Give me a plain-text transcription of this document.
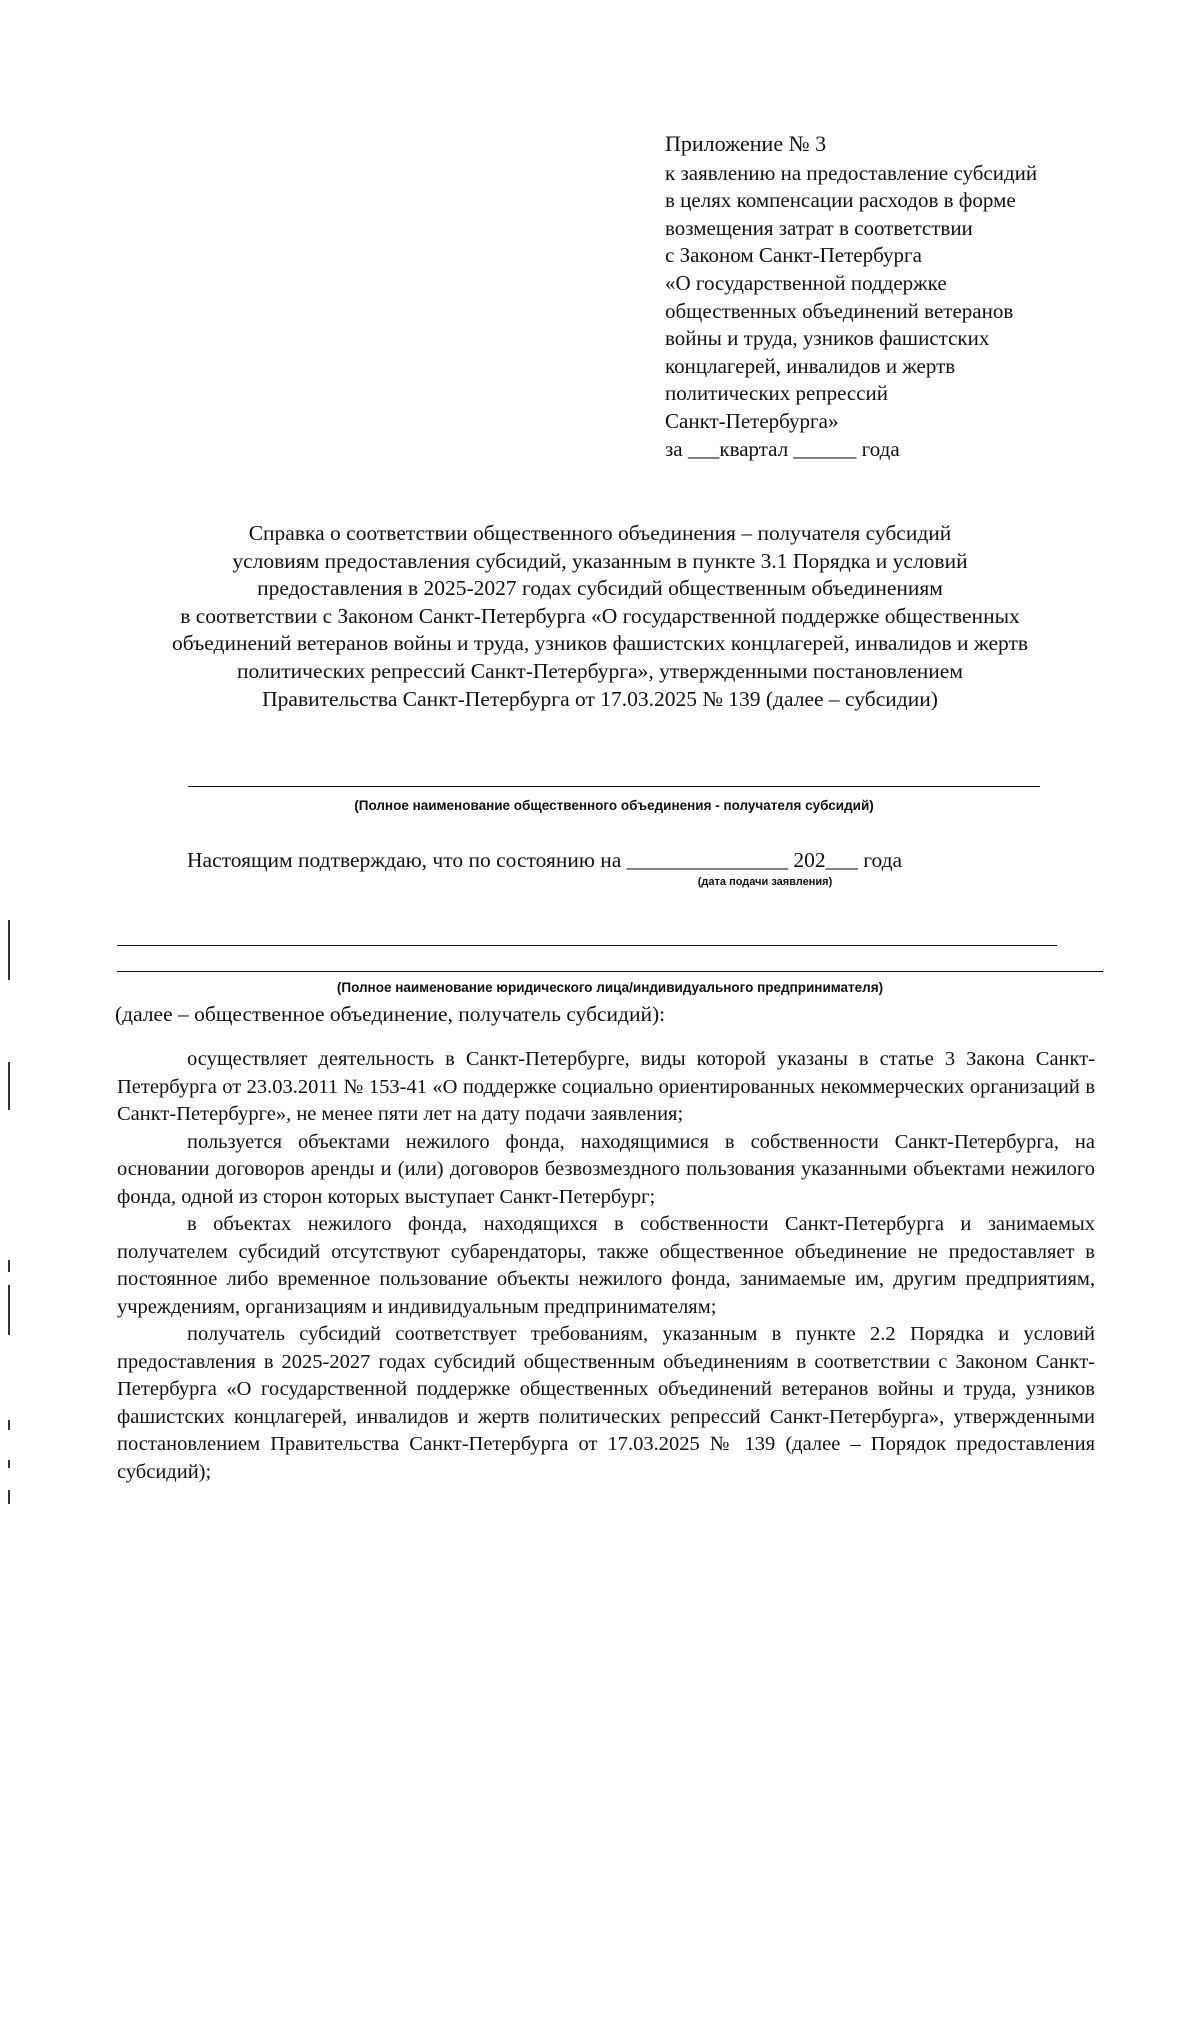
Приложение № 3
к заявлению на предоставление субсидий
в целях компенсации расходов в форме
возмещения затрат в соответствии
с Законом Санкт-Петербурга
«О государственной поддержке
общественных объединений ветеранов
войны и труда, узников фашистских
концлагерей, инвалидов и жертв
политических репрессий
Санкт-Петербурга»
за ___квартал ______ года
Справка о соответствии общественного объединения – получателя субсидий
условиям предоставления субсидий, указанным в пункте 3.1 Порядка и условий
предоставления в 2025-2027 годах субсидий общественным объединениям
в соответствии с Законом Санкт-Петербурга «О государственной поддержке общественных
объединений ветеранов войны и труда, узников фашистских концлагерей, инвалидов и жертв
политических репрессий Санкт-Петербурга», утвержденными постановлением
Правительства Санкт-Петербурга от 17.03.2025 № 139 (далее – субсидии)
(Полное наименование общественного объединения - получателя субсидий)
Настоящим подтверждаю, что по состоянию на _______________ 202___ года
(дата подачи заявления)
(Полное наименование юридического лица/индивидуального предпринимателя)
(далее – общественное объединение, получатель субсидий):

осуществляет деятельность в Санкт-Петербурге, виды которой указаны в статье 3 Закона Санкт-Петербурга от 23.03.2011 № 153-41 «О поддержке социально ориентированных некоммерческих организаций в Санкт-Петербурге», не менее пяти лет на дату подачи заявления;

пользуется объектами нежилого фонда, находящимися в собственности Санкт-Петербурга, на основании договоров аренды и (или) договоров безвозмездного пользования указанными объектами нежилого фонда, одной из сторон которых выступает Санкт-Петербург;

в объектах нежилого фонда, находящихся в собственности Санкт-Петербурга и занимаемых получателем субсидий отсутствуют субарендаторы, также общественное объединение не предоставляет в постоянное либо временное пользование объекты нежилого фонда, занимаемые им, другим предприятиям, учреждениям, организациям и индивидуальным предпринимателям;

получатель субсидий соответствует требованиям, указанным в пункте 2.2 Порядка и условий предоставления в 2025-2027 годах субсидий общественным объединениям в соответствии с Законом Санкт-Петербурга «О государственной поддержке общественных объединений ветеранов войны и труда, узников фашистских концлагерей, инвалидов и жертв политических репрессий Санкт-Петербурга», утвержденными постановлением Правительства Санкт-Петербурга от 17.03.2025 № 139 (далее – Порядок предоставления субсидий);
